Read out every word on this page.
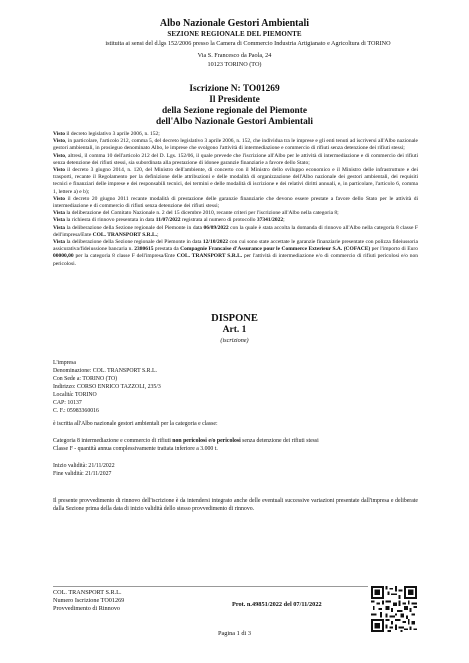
Albo Nazionale Gestori Ambientali
SEZIONE REGIONALE DEL PIEMONTE
istituita ai sensi del d.lgs 152/2006 presso la Camera di Commercio Industria Artigianato e Agricoltura di TORINO
Via S. Francesco da Paola, 24
10123 TORINO (TO)
Iscrizione N: TO01269
Il Presidente
della Sezione regionale del Piemonte
dell'Albo Nazionale Gestori Ambientali

Visto il decreto legislativo 3 aprile 2006, n. 152;

Visto, in particolare, l'articolo 212, comma 5, del decreto legislativo 3 aprile 2006, n. 152, che individua tra le imprese e gli enti tenuti ad iscriversi all'Albo nazionale gestori ambientali, in prosieguo denominato Albo, le imprese che svolgono l'attività di intermediazione e commercio di rifiuti senza detenzione dei rifiuti stessi;

Visto, altresì, il comma 10 dell'articolo 212 del D. Lgs. 152/06, il quale prevede che l'iscrizione all'Albo per le attività di intermediazione e di commercio dei rifiuti senza detenzione dei rifiuti stessi, sia subordinata alla prestazione di idonee garanzie finanziarie a favore dello Stato;

Visto il decreto 3 giugno 2014, n. 120, del Ministro dell'ambiente, di concerto con il Ministro dello sviluppo economico e il Ministro delle infrastrutture e dei trasporti, recante il Regolamento per la definizione delle attribuzioni e delle modalità di organizzazione dell'Albo nazionale dei gestori ambientali, dei requisiti tecnici e finanziari delle imprese e dei responsabili tecnici, dei termini e delle modalità di iscrizione e dei relativi diritti annuali, e, in particolare, l'articolo 6, comma 1, lettere a) e b);

Visto il decreto 20 giugno 2011 recante modalità di prestazione delle garanzie finanziarie che devono essere prestate a favore dello Stato per le attività di intermediazione e di commercio di rifiuti senza detenzione dei rifiuti stessi;

Vista la deliberazione del Comitato Nazionale n. 2 del 15 dicembre 2010, recante criteri per l'iscrizione all'Albo nella categoria 8;

Vista la richiesta di rinnovo presentata in data 11/07/2022 registrata al numero di protocollo 37341/2022;

Vista la deliberazione della Sezione regionale del Piemonte in data 06/09/2022 con la quale è stata accolta la domanda di rinnovo all'Albo nella categoria 8 classe F dell'impresa/Ente COL. TRANSPORT S.R.L.;

Vista la deliberazione della Sezione regionale del Piemonte in data 12/10/2022 con cui sono state accettate le garanzie finanziarie presentate con polizza fideiussoria assicurativa/fideiussione bancaria n. 2380615 prestata da Compagnie Francaise d'Assurance pour le Commerce Exterieur S.A. (COFACE) per l'importo di Euro 00000,00 per la categoria 8 classe F dell'impresa/Ente COL. TRANSPORT S.R.L. per l'attività di intermediazione e/o di commercio di rifiuti pericolosi e/o non pericolosi.

DISPONE
Art. 1
(iscrizione)
L'impresa
Denominazione: COL. TRANSPORT S.R.L.
Con Sede a: TORINO (TO)
Indirizzo: CORSO ENRICO TAZZOLI, 235/3
Località: TORINO
CAP: 10137
C. F.: 05983360016
è iscritta all'Albo nazionale gestori ambientali per la categoria e classe:
Categoria 8 intermediazione e commercio di rifiuti non pericolosi e/o pericolosi senza detenzione dei rifiuti stessi
Classe F - quantità annua complessivamente trattata inferiore a 3.000 t.
Inizio validità: 21/11/2022
Fine validità: 21/11/2027
Il presente provvedimento di rinnovo dell'iscrizione è da intendersi integrato anche delle eventuali successive variazioni presentate dall'impresa e deliberate dalla Sezione prima della data di inizio validità dello stesso provvedimento di rinnovo.
COL. TRANSPORT S.R.L.
Numero Iscrizione TO01269
Provvedimento di Rinnovo
Prot. n.49851/2022 del 07/11/2022
Pagina 1 di 3
